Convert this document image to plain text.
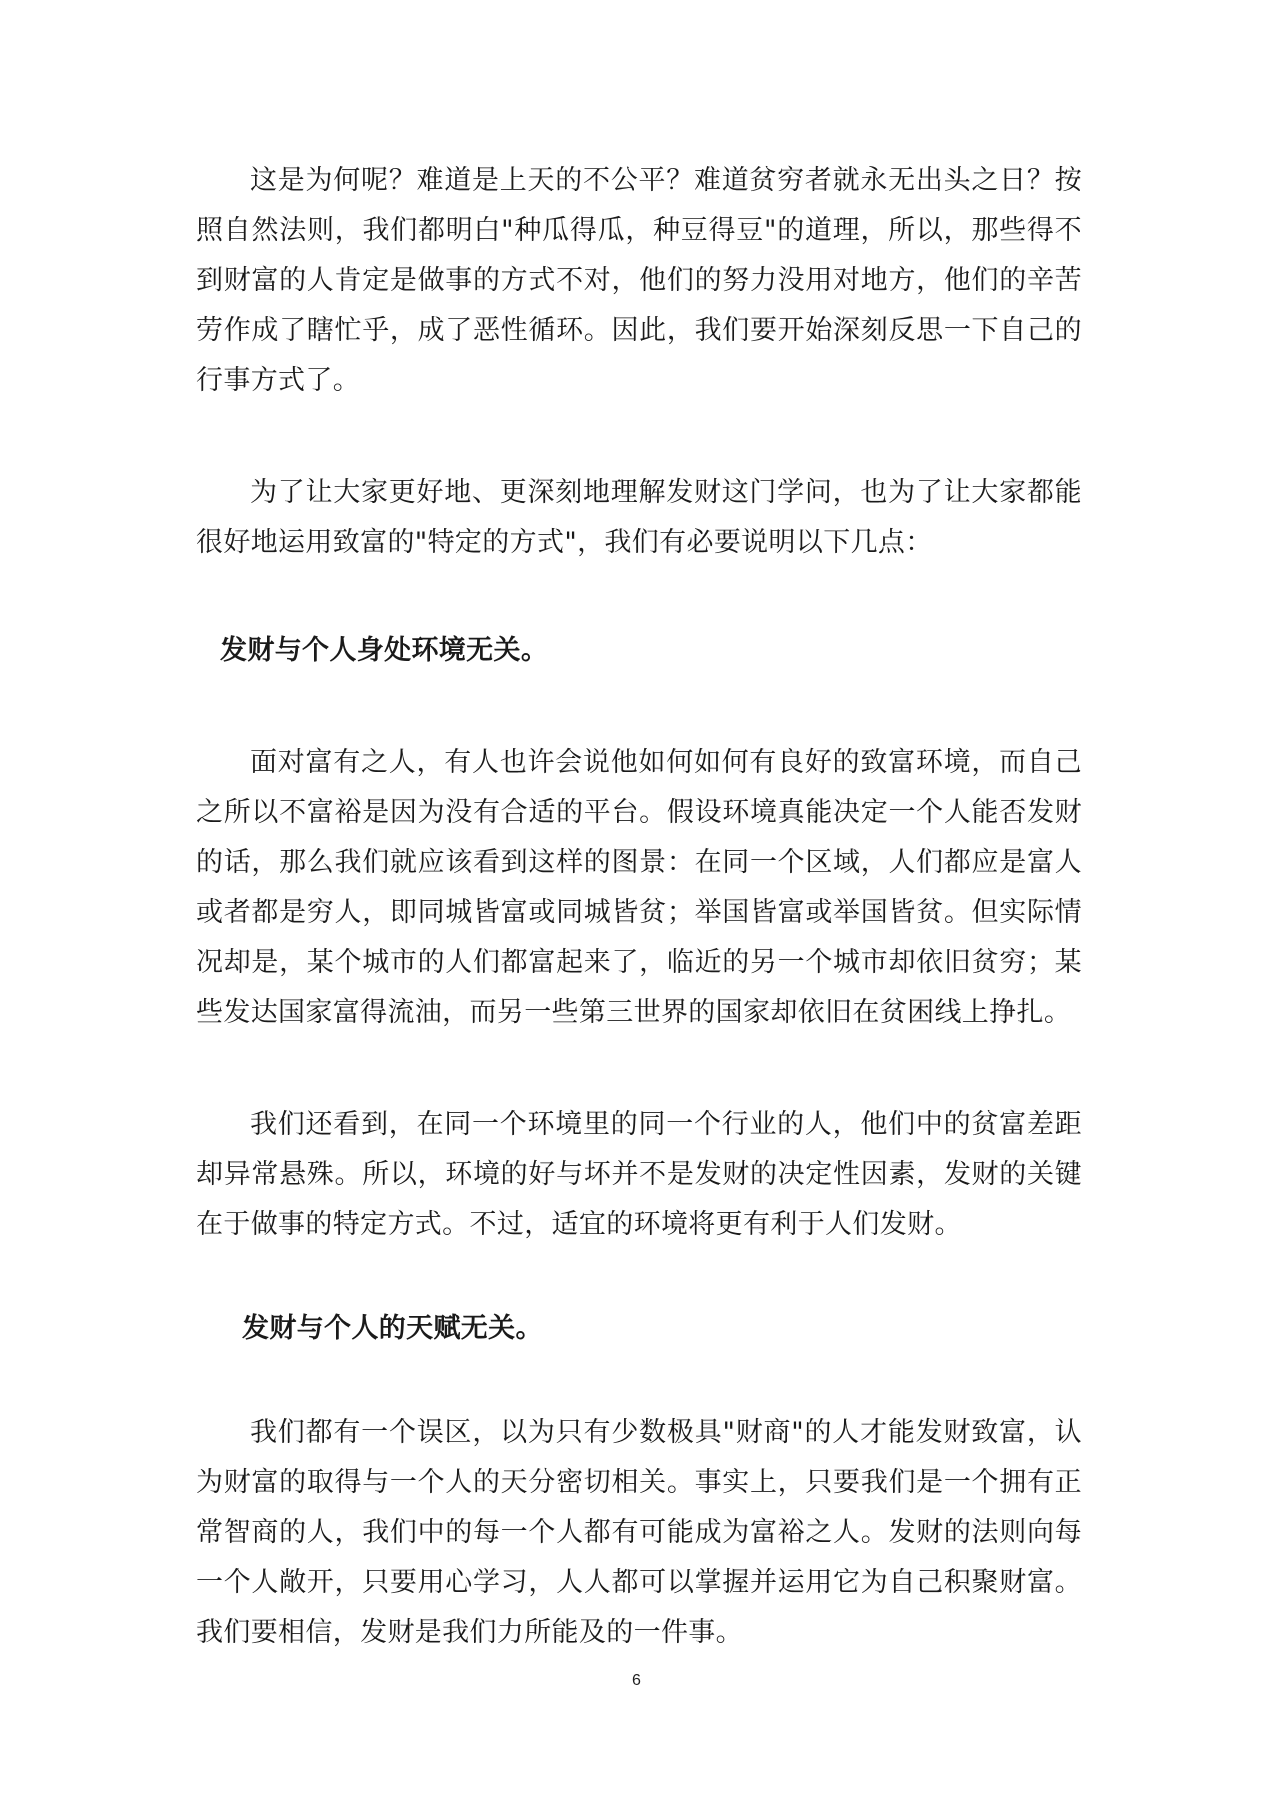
这是为何呢？难道是上天的不公平？难道贫穷者就永无出头之日？按照自然法则，我们都明白"种瓜得瓜，种豆得豆"的道理，所以，那些得不到财富的人肯定是做事的方式不对，他们的努力没用对地方，他们的辛苦劳作成了瞎忙乎，成了恶性循环。因此，我们要开始深刻反思一下自己的行事方式了。

为了让大家更好地、更深刻地理解发财这门学问，也为了让大家都能很好地运用致富的"特定的方式"，我们有必要说明以下几点：

发财与个人身处环境无关。

面对富有之人，有人也许会说他如何如何有良好的致富环境，而自己之所以不富裕是因为没有合适的平台。假设环境真能决定一个人能否发财的话，那么我们就应该看到这样的图景：在同一个区域，人们都应是富人或者都是穷人，即同城皆富或同城皆贫；举国皆富或举国皆贫。但实际情况却是，某个城市的人们都富起来了，临近的另一个城市却依旧贫穷；某些发达国家富得流油，而另一些第三世界的国家却依旧在贫困线上挣扎。

我们还看到，在同一个环境里的同一个行业的人，他们中的贫富差距却异常悬殊。所以，环境的好与坏并不是发财的决定性因素，发财的关键在于做事的特定方式。不过，适宜的环境将更有利于人们发财。

发财与个人的天赋无关。

我们都有一个误区，以为只有少数极具"财商"的人才能发财致富，认为财富的取得与一个人的天分密切相关。事实上，只要我们是一个拥有正常智商的人，我们中的每一个人都有可能成为富裕之人。发财的法则向每一个人敞开，只要用心学习，人人都可以掌握并运用它为自己积聚财富。我们要相信，发财是我们力所能及的一件事。

6
